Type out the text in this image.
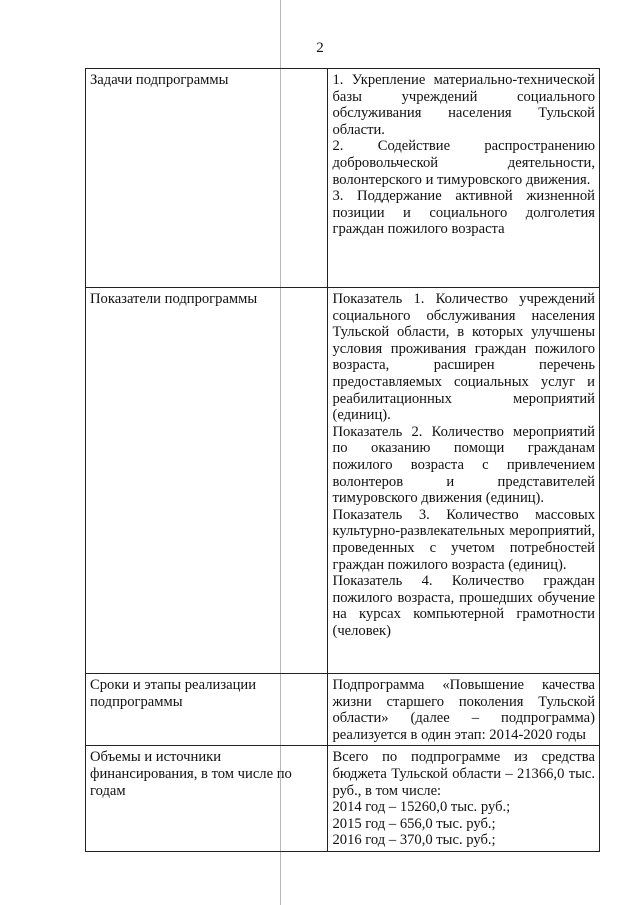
2
Задачи подпрограммы	1. Укрепление материально-технической базы учреждений социального обслуживания населения Тульской области.
2. Содействие распространению добровольческой деятельности, волонтерского и тимуровского движения.
3. Поддержание активной жизненной позиции и социального долголетия граждан пожилого возраста

Показатели подпрограммы	Показатель 1. Количество учреждений социального обслуживания населения Тульской области, в которых улучшены условия проживания граждан пожилого возраста, расширен перечень предоставляемых социальных услуг и реабилитационных мероприятий (единиц).
Показатель 2. Количество мероприятий по оказанию помощи гражданам пожилого возраста с привлечением волонтеров и представителей тимуровского движения (единиц).
Показатель 3. Количество массовых культурно-развлекательных мероприятий, проведенных с учетом потребностей граждан пожилого возраста (единиц).
Показатель 4. Количество граждан пожилого возраста, прошедших обучение на курсах компьютерной грамотности (человек)

Сроки и этапы реализации подпрограммы	Подпрограмма «Повышение качества жизни старшего поколения Тульской области» (далее – подпрограмма) реализуется в один этап: 2014-2020 годы

Объемы и источники финансирования, в том числе по годам	Всего по подпрограмме из средства бюджета Тульской области – 21366,0 тыс. руб., в том числе:
2014 год – 15260,0 тыс. руб.;
2015 год – 656,0 тыс. руб.;
2016 год – 370,0 тыс. руб.;
